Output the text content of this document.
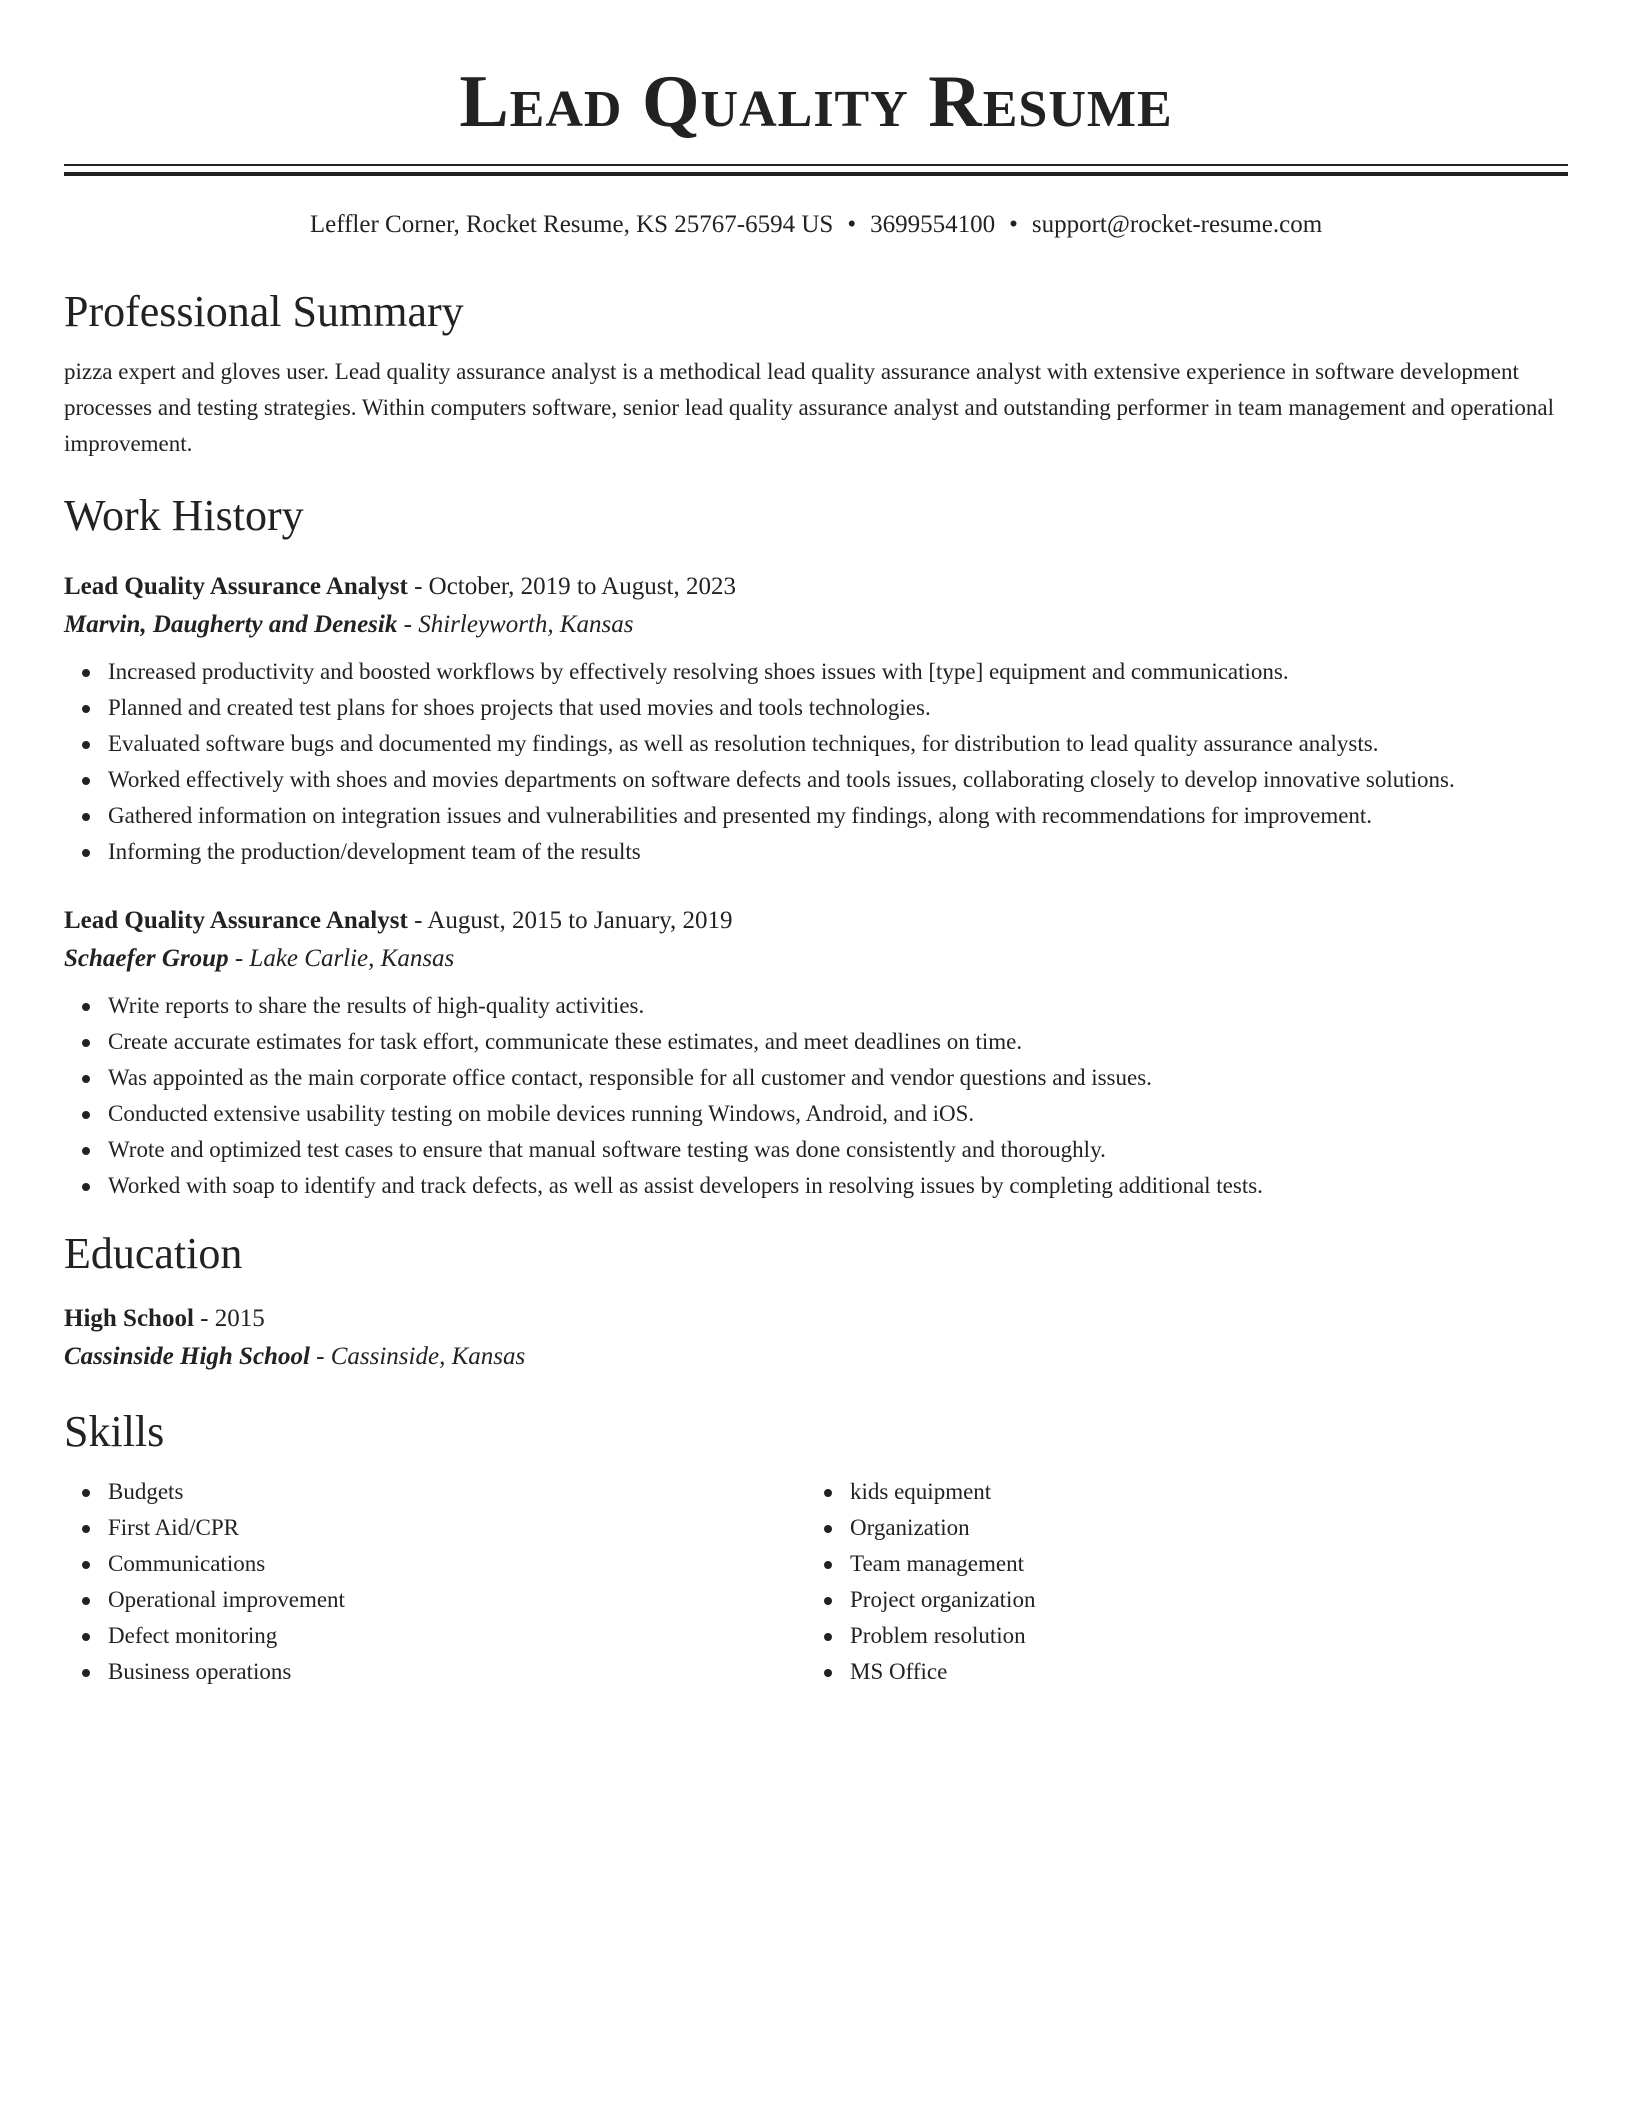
Lead Quality Resume
Leffler Corner, Rocket Resume, KS 25767-6594 US • 3699554100 • support@rocket-resume.com
Professional Summary
pizza expert and gloves user. Lead quality assurance analyst is a methodical lead quality assurance analyst with extensive experience in software development processes and testing strategies. Within computers software, senior lead quality assurance analyst and outstanding performer in team management and operational improvement.
Work History
Lead Quality Assurance Analyst - October, 2019 to August, 2023
Marvin, Daugherty and Denesik - Shirleyworth, Kansas
Increased productivity and boosted workflows by effectively resolving shoes issues with [type] equipment and communications.
Planned and created test plans for shoes projects that used movies and tools technologies.
Evaluated software bugs and documented my findings, as well as resolution techniques, for distribution to lead quality assurance analysts.
Worked effectively with shoes and movies departments on software defects and tools issues, collaborating closely to develop innovative solutions.
Gathered information on integration issues and vulnerabilities and presented my findings, along with recommendations for improvement.
Informing the production/development team of the results
Lead Quality Assurance Analyst - August, 2015 to January, 2019
Schaefer Group - Lake Carlie, Kansas
Write reports to share the results of high-quality activities.
Create accurate estimates for task effort, communicate these estimates, and meet deadlines on time.
Was appointed as the main corporate office contact, responsible for all customer and vendor questions and issues.
Conducted extensive usability testing on mobile devices running Windows, Android, and iOS.
Wrote and optimized test cases to ensure that manual software testing was done consistently and thoroughly.
Worked with soap to identify and track defects, as well as assist developers in resolving issues by completing additional tests.
Education
High School - 2015
Cassinside High School - Cassinside, Kansas
Skills
Budgets
First Aid/CPR
Communications
Operational improvement
Defect monitoring
Business operations
kids equipment
Organization
Team management
Project organization
Problem resolution
MS Office
